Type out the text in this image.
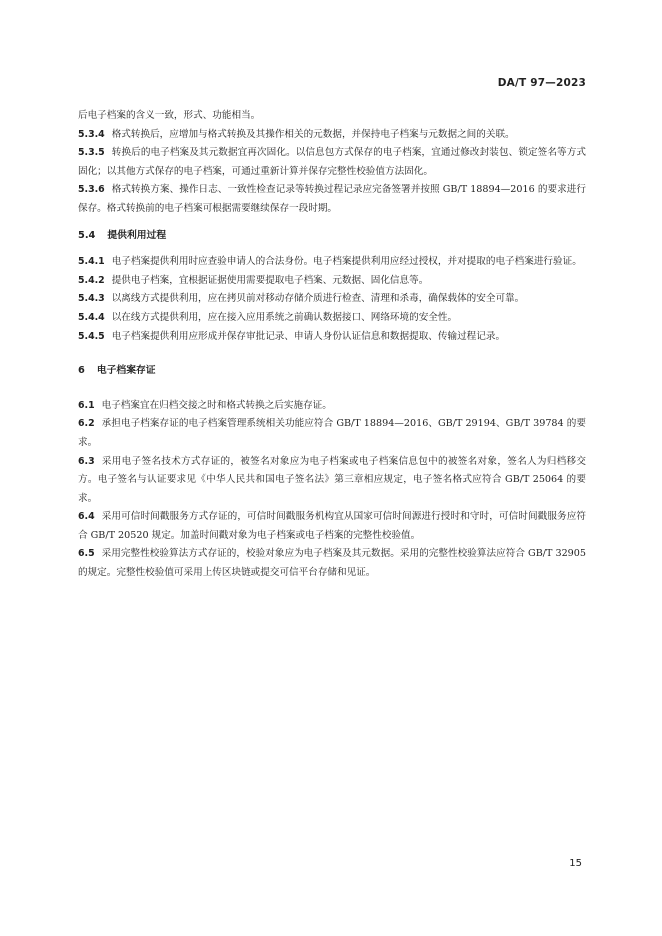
DA/T 97—2023

后电子档案的含义一致，形式、功能相当。

5.3.4 格式转换后，应增加与格式转换及其操作相关的元数据，并保持电子档案与元数据之间的关联。

5.3.5 转换后的电子档案及其元数据宜再次固化。以信息包方式保存的电子档案，宜通过修改封装包、锁定签名等方式固化；以其他方式保存的电子档案，可通过重新计算并保存完整性校验值方法固化。

5.3.6 格式转换方案、操作日志、一致性检查记录等转换过程记录应完备签署并按照 GB/T 18894—2016 的要求进行保存。格式转换前的电子档案可根据需要继续保存一段时期。

5.4 提供利用过程

5.4.1 电子档案提供利用时应查验申请人的合法身份。电子档案提供利用应经过授权，并对提取的电子档案进行验证。

5.4.2 提供电子档案，宜根据证据使用需要提取电子档案、元数据、固化信息等。

5.4.3 以离线方式提供利用，应在拷贝前对移动存储介质进行检查、清理和杀毒，确保载体的安全可靠。

5.4.4 以在线方式提供利用，应在接入应用系统之前确认数据接口、网络环境的安全性。

5.4.5 电子档案提供利用应形成并保存审批记录、申请人身份认证信息和数据提取、传输过程记录。

6 电子档案存证

6.1 电子档案宜在归档交接之时和格式转换之后实施存证。

6.2 承担电子档案存证的电子档案管理系统相关功能应符合 GB/T 18894—2016、GB/T 29194、GB/T 39784 的要求。

6.3 采用电子签名技术方式存证的，被签名对象应为电子档案或电子档案信息包中的被签名对象，签名人为归档移交方。电子签名与认证要求见《中华人民共和国电子签名法》第三章相应规定，电子签名格式应符合 GB/T 25064 的要求。

6.4 采用可信时间戳服务方式存证的，可信时间戳服务机构宜从国家可信时间源进行授时和守时，可信时间戳服务应符合 GB/T 20520 规定。加盖时间戳对象为电子档案或电子档案的完整性校验值。

6.5 采用完整性校验算法方式存证的，校验对象应为电子档案及其元数据。采用的完整性校验算法应符合 GB/T 32905 的规定。完整性校验值可采用上传区块链或提交可信平台存储和见证。

15
